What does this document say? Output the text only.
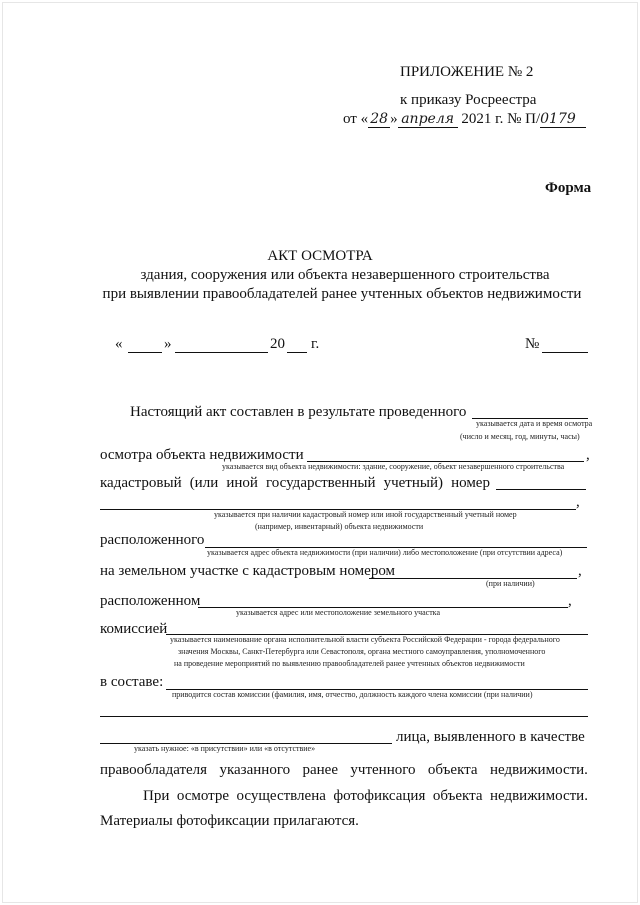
ПРИЛОЖЕНИЕ № 2
к приказу Росреестра
от « 28 » апреля 2021 г. № П/0179
Форма
АКТ ОСМОТРА
здания, сооружения или объекта незавершенного строительства
при выявлении правообладателей ранее учтенных объектов недвижимости
«	»	20 г.	№
Настоящий акт составлен в результате проведенного
указывается дата и время осмотра
(число и месяц, год, минуты, часы)
осмотра объекта недвижимости	,
указывается вид объекта недвижимости: здание, сооружение, объект незавершенного строительства
кадастровый (или иной государственный учетный) номер
,
указывается при наличии кадастровый номер или иной государственный учетный номер
(например, инвентарный) объекта недвижимости
расположенного
указывается адрес объекта недвижимости (при наличии) либо местоположение (при отсутствии адреса)
на земельном участке с кадастровым номером	,
(при наличии)
расположенном	,
указывается адрес или местоположение земельного участка
комиссией
указывается наименование органа исполнительной власти субъекта Российской Федерации - города федерального
значения Москвы, Санкт-Петербурга или Севастополя, органа местного самоуправления, уполномоченного
на проведение мероприятий по выявлению правообладателей ранее учтенных объектов недвижимости
в составе:
приводится состав комиссии (фамилия, имя, отчество, должность каждого члена комиссии (при наличии)
лица, выявленного в качестве
указать нужное: «в присутствии» или «в отсутствие»
правообладателя указанного ранее учтенного объекта недвижимости.
При осмотре осуществлена фотофиксация объекта недвижимости.
Материалы фотофиксации прилагаются.
